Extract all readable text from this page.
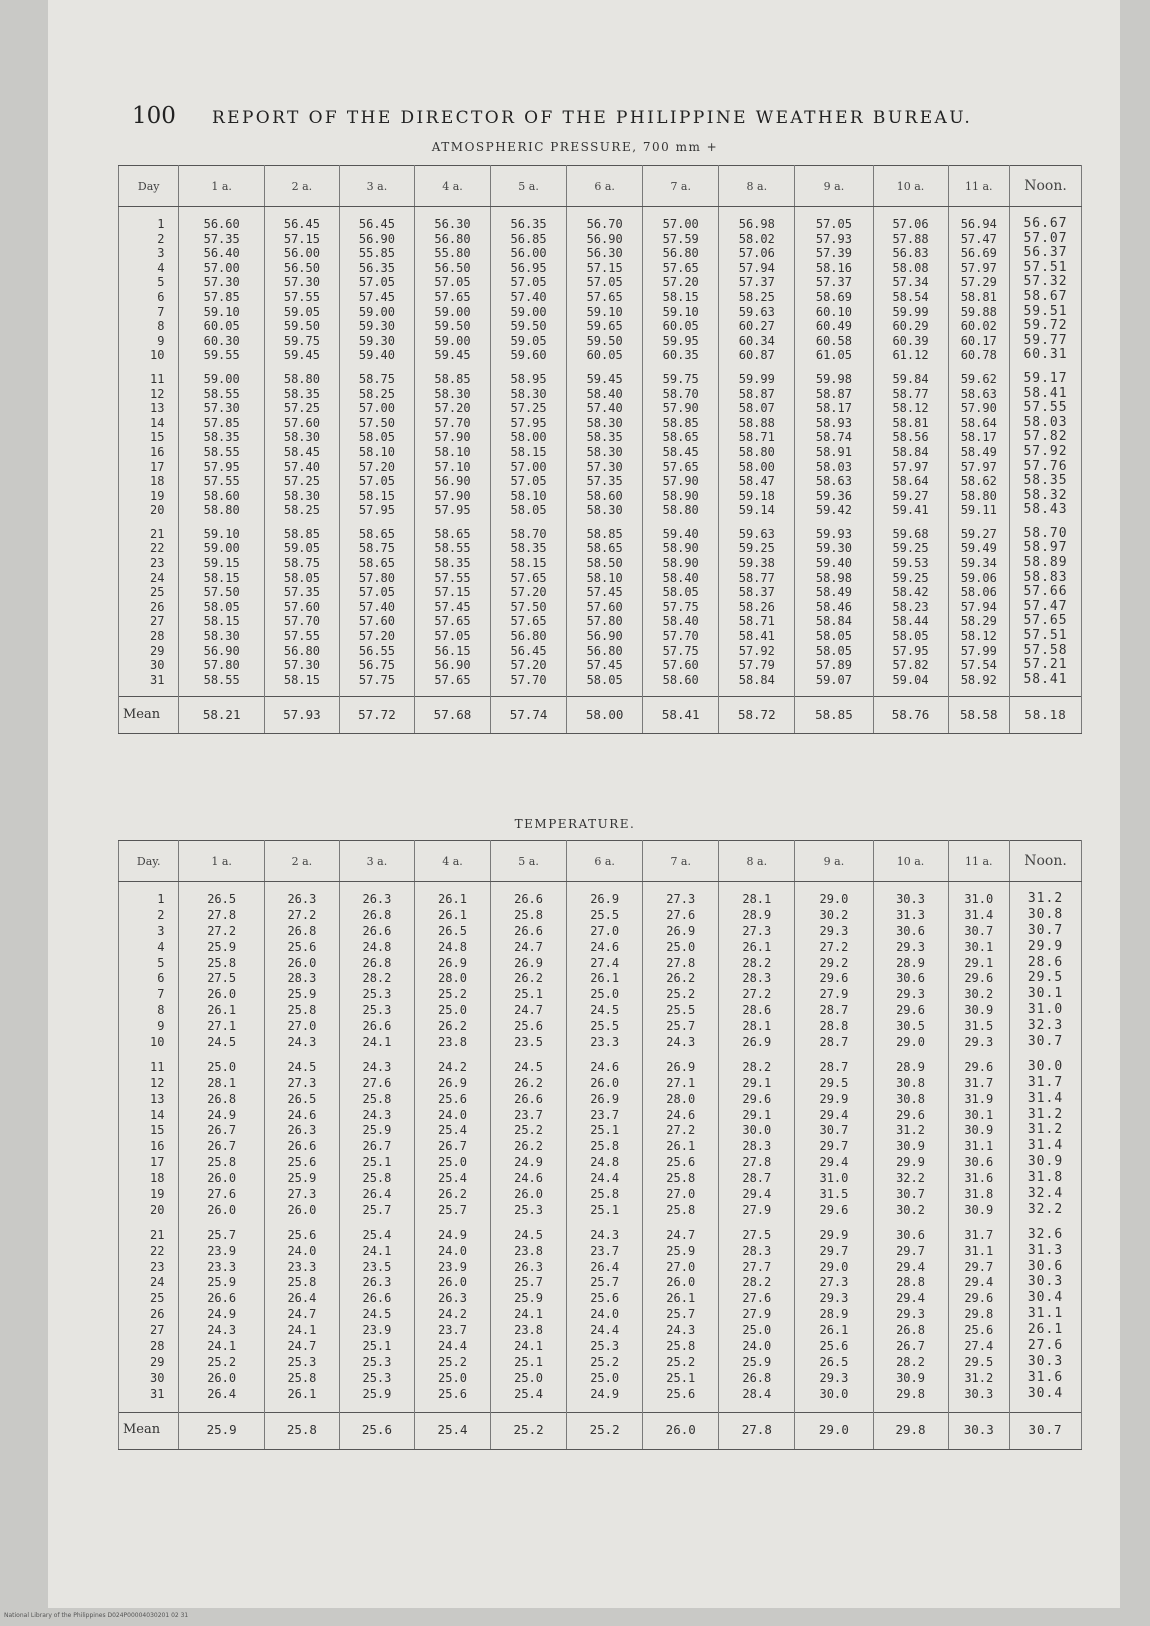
100 REPORT OF THE DIRECTOR OF THE PHILIPPINE WEATHER BUREAU.
ATMOSPHERIC PRESSURE, 700 mm +
Day	1 a.	2 a.	3 a.	4 a.	5 a.	6 a.	7 a.	8 a.	9 a.	10 a.	11 a.	Noon.
1	56.60	56.45	56.45	56.30	56.35	56.70	57.00	56.98	57.05	57.06	56.94	56.67
2	57.35	57.15	56.90	56.80	56.85	56.90	57.59	58.02	57.93	57.88	57.47	57.07
3	56.40	56.00	55.85	55.80	56.00	56.30	56.80	57.06	57.39	56.83	56.69	56.37
4	57.00	56.50	56.35	56.50	56.95	57.15	57.65	57.94	58.16	58.08	57.97	57.51
5	57.30	57.30	57.05	57.05	57.05	57.05	57.20	57.37	57.37	57.34	57.29	57.32
6	57.85	57.55	57.45	57.65	57.40	57.65	58.15	58.25	58.69	58.54	58.81	58.67
7	59.10	59.05	59.00	59.00	59.00	59.10	59.10	59.63	60.10	59.99	59.88	59.51
8	60.05	59.50	59.30	59.50	59.50	59.65	60.05	60.27	60.49	60.29	60.02	59.72
9	60.30	59.75	59.30	59.00	59.05	59.50	59.95	60.34	60.58	60.39	60.17	59.77
10	59.55	59.45	59.40	59.45	59.60	60.05	60.35	60.87	61.05	61.12	60.78	60.31

11	59.00	58.80	58.75	58.85	58.95	59.45	59.75	59.99	59.98	59.84	59.62	59.17
12	58.55	58.35	58.25	58.30	58.30	58.40	58.70	58.87	58.87	58.77	58.63	58.41
13	57.30	57.25	57.00	57.20	57.25	57.40	57.90	58.07	58.17	58.12	57.90	57.55
14	57.85	57.60	57.50	57.70	57.95	58.30	58.85	58.88	58.93	58.81	58.64	58.03
15	58.35	58.30	58.05	57.90	58.00	58.35	58.65	58.71	58.74	58.56	58.17	57.82
16	58.55	58.45	58.10	58.10	58.15	58.30	58.45	58.80	58.91	58.84	58.49	57.92
17	57.95	57.40	57.20	57.10	57.00	57.30	57.65	58.00	58.03	57.97	57.97	57.76
18	57.55	57.25	57.05	56.90	57.05	57.35	57.90	58.47	58.63	58.64	58.62	58.35
19	58.60	58.30	58.15	57.90	58.10	58.60	58.90	59.18	59.36	59.27	58.80	58.32
20	58.80	58.25	57.95	57.95	58.05	58.30	58.80	59.14	59.42	59.41	59.11	58.43

21	59.10	58.85	58.65	58.65	58.70	58.85	59.40	59.63	59.93	59.68	59.27	58.70
22	59.00	59.05	58.75	58.55	58.35	58.65	58.90	59.25	59.30	59.25	59.49	58.97
23	59.15	58.75	58.65	58.35	58.15	58.50	58.90	59.38	59.40	59.53	59.34	58.89
24	58.15	58.05	57.80	57.55	57.65	58.10	58.40	58.77	58.98	59.25	59.06	58.83
25	57.50	57.35	57.05	57.15	57.20	57.45	58.05	58.37	58.49	58.42	58.06	57.66
26	58.05	57.60	57.40	57.45	57.50	57.60	57.75	58.26	58.46	58.23	57.94	57.47
27	58.15	57.70	57.60	57.65	57.65	57.80	58.40	58.71	58.84	58.44	58.29	57.65
28	58.30	57.55	57.20	57.05	56.80	56.90	57.70	58.41	58.05	58.05	58.12	57.51
29	56.90	56.80	56.55	56.15	56.45	56.80	57.75	57.92	58.05	57.95	57.99	57.58
30	57.80	57.30	56.75	56.90	57.20	57.45	57.60	57.79	57.89	57.82	57.54	57.21
31	58.55	58.15	57.75	57.65	57.70	58.05	58.60	58.84	59.07	59.04	58.92	58.41

Mean	58.21	57.93	57.72	57.68	57.74	58.00	58.41	58.72	58.85	58.76	58.58	58.18
TEMPERATURE.
Day.	1 a.	2 a.	3 a.	4 a.	5 a.	6 a.	7 a.	8 a.	9 a.	10 a.	11 a.	Noon.
1	26.5	26.3	26.3	26.1	26.6	26.9	27.3	28.1	29.0	30.3	31.0	31.2
2	27.8	27.2	26.8	26.1	25.8	25.5	27.6	28.9	30.2	31.3	31.4	30.8
3	27.2	26.8	26.6	26.5	26.6	27.0	26.9	27.3	29.3	30.6	30.7	30.7
4	25.9	25.6	24.8	24.8	24.7	24.6	25.0	26.1	27.2	29.3	30.1	29.9
5	25.8	26.0	26.8	26.9	26.9	27.4	27.8	28.2	29.2	28.9	29.1	28.6
6	27.5	28.3	28.2	28.0	26.2	26.1	26.2	28.3	29.6	30.6	29.6	29.5
7	26.0	25.9	25.3	25.2	25.1	25.0	25.2	27.2	27.9	29.3	30.2	30.1
8	26.1	25.8	25.3	25.0	24.7	24.5	25.5	28.6	28.7	29.6	30.9	31.0
9	27.1	27.0	26.6	26.2	25.6	25.5	25.7	28.1	28.8	30.5	31.5	32.3
10	24.5	24.3	24.1	23.8	23.5	23.3	24.3	26.9	28.7	29.0	29.3	30.7

11	25.0	24.5	24.3	24.2	24.5	24.6	26.9	28.2	28.7	28.9	29.6	30.0
12	28.1	27.3	27.6	26.9	26.2	26.0	27.1	29.1	29.5	30.8	31.7	31.7
13	26.8	26.5	25.8	25.6	26.6	26.9	28.0	29.6	29.9	30.8	31.9	31.4
14	24.9	24.6	24.3	24.0	23.7	23.7	24.6	29.1	29.4	29.6	30.1	31.2
15	26.7	26.3	25.9	25.4	25.2	25.1	27.2	30.0	30.7	31.2	30.9	31.2
16	26.7	26.6	26.7	26.7	26.2	25.8	26.1	28.3	29.7	30.9	31.1	31.4
17	25.8	25.6	25.1	25.0	24.9	24.8	25.6	27.8	29.4	29.9	30.6	30.9
18	26.0	25.9	25.8	25.4	24.6	24.4	25.8	28.7	31.0	32.2	31.6	31.8
19	27.6	27.3	26.4	26.2	26.0	25.8	27.0	29.4	31.5	30.7	31.8	32.4
20	26.0	26.0	25.7	25.7	25.3	25.1	25.8	27.9	29.6	30.2	30.9	32.2

21	25.7	25.6	25.4	24.9	24.5	24.3	24.7	27.5	29.9	30.6	31.7	32.6
22	23.9	24.0	24.1	24.0	23.8	23.7	25.9	28.3	29.7	29.7	31.1	31.3
23	23.3	23.3	23.5	23.9	26.3	26.4	27.0	27.7	29.0	29.4	29.7	30.6
24	25.9	25.8	26.3	26.0	25.7	25.7	26.0	28.2	27.3	28.8	29.4	30.3
25	26.6	26.4	26.6	26.3	25.9	25.6	26.1	27.6	29.3	29.4	29.6	30.4
26	24.9	24.7	24.5	24.2	24.1	24.0	25.7	27.9	28.9	29.3	29.8	31.1
27	24.3	24.1	23.9	23.7	23.8	24.4	24.3	25.0	26.1	26.8	25.6	26.1
28	24.1	24.7	25.1	24.4	24.1	25.3	25.8	24.0	25.6	26.7	27.4	27.6
29	25.2	25.3	25.3	25.2	25.1	25.2	25.2	25.9	26.5	28.2	29.5	30.3
30	26.0	25.8	25.3	25.0	25.0	25.0	25.1	26.8	29.3	30.9	31.2	31.6
31	26.4	26.1	25.9	25.6	25.4	24.9	25.6	28.4	30.0	29.8	30.3	30.4

Mean	25.9	25.8	25.6	25.4	25.2	25.2	26.0	27.8	29.0	29.8	30.3	30.7
National Library of the Philippines D024P00004030201 02 31
